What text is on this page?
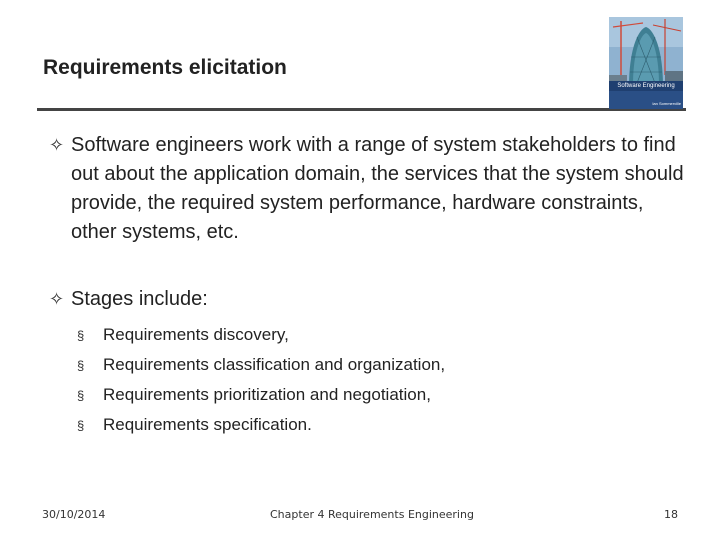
Requirements elicitation
Software Engineering
Ian Sommerville
✧ Software engineers work with a range of system stakeholders to find out about the application domain, the services that the system should provide, the required system performance, hardware constraints, other systems, etc.
✧ Stages include:
§ Requirements discovery,
§ Requirements classification and organization,
§ Requirements prioritization and negotiation,
§ Requirements specification.
30/10/2014	Chapter 4 Requirements Engineering	18
